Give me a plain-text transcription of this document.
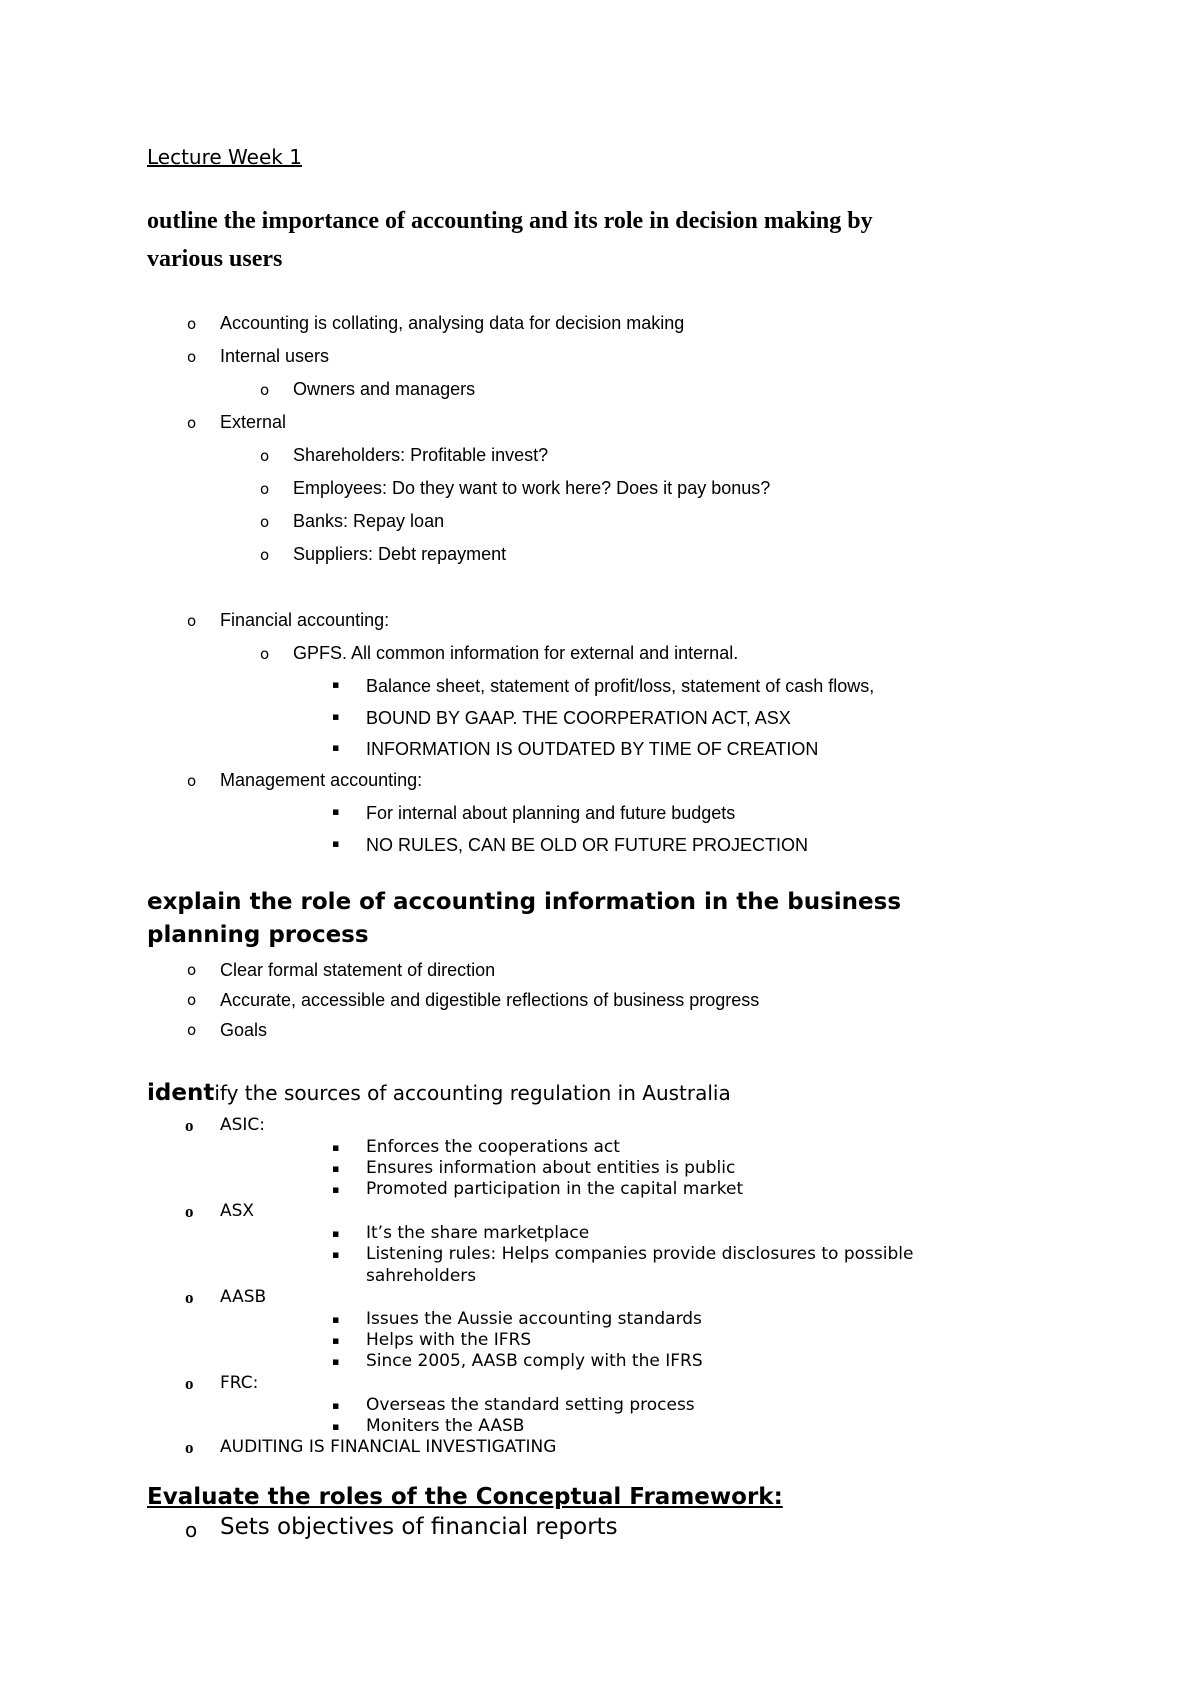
Lecture Week 1
outline the importance of accounting and its role in decision making by
various users
o Accounting is collating, analysing data for decision making
o Internal users
o Owners and managers
o External
o Shareholders: Profitable invest?
o Employees: Do they want to work here? Does it pay bonus?
o Banks: Repay loan
o Suppliers: Debt repayment
o Financial accounting:
o GPFS. All common information for external and internal.
▪ Balance sheet, statement of profit/loss, statement of cash flows,
▪ BOUND BY GAAP. THE COORPERATION ACT, ASX
▪ INFORMATION IS OUTDATED BY TIME OF CREATION
o Management accounting:
▪ For internal about planning and future budgets
▪ NO RULES, CAN BE OLD OR FUTURE PROJECTION
explain the role of accounting information in the business
planning process
o Clear formal statement of direction
o Accurate, accessible and digestible reflections of business progress
o Goals
identify the sources of accounting regulation in Australia
o ASIC:
▪ Enforces the cooperations act
▪ Ensures information about entities is public
▪ Promoted participation in the capital market
o ASX
▪ It’s the share marketplace
▪ Listening rules: Helps companies provide disclosures to possible
sahreholders
o AASB
▪ Issues the Aussie accounting standards
▪ Helps with the IFRS
▪ Since 2005, AASB comply with the IFRS
o FRC:
▪ Overseas the standard setting process
▪ Moniters the AASB
o AUDITING IS FINANCIAL INVESTIGATING
Evaluate the roles of the Conceptual Framework:
o Sets objectives of financial reports
